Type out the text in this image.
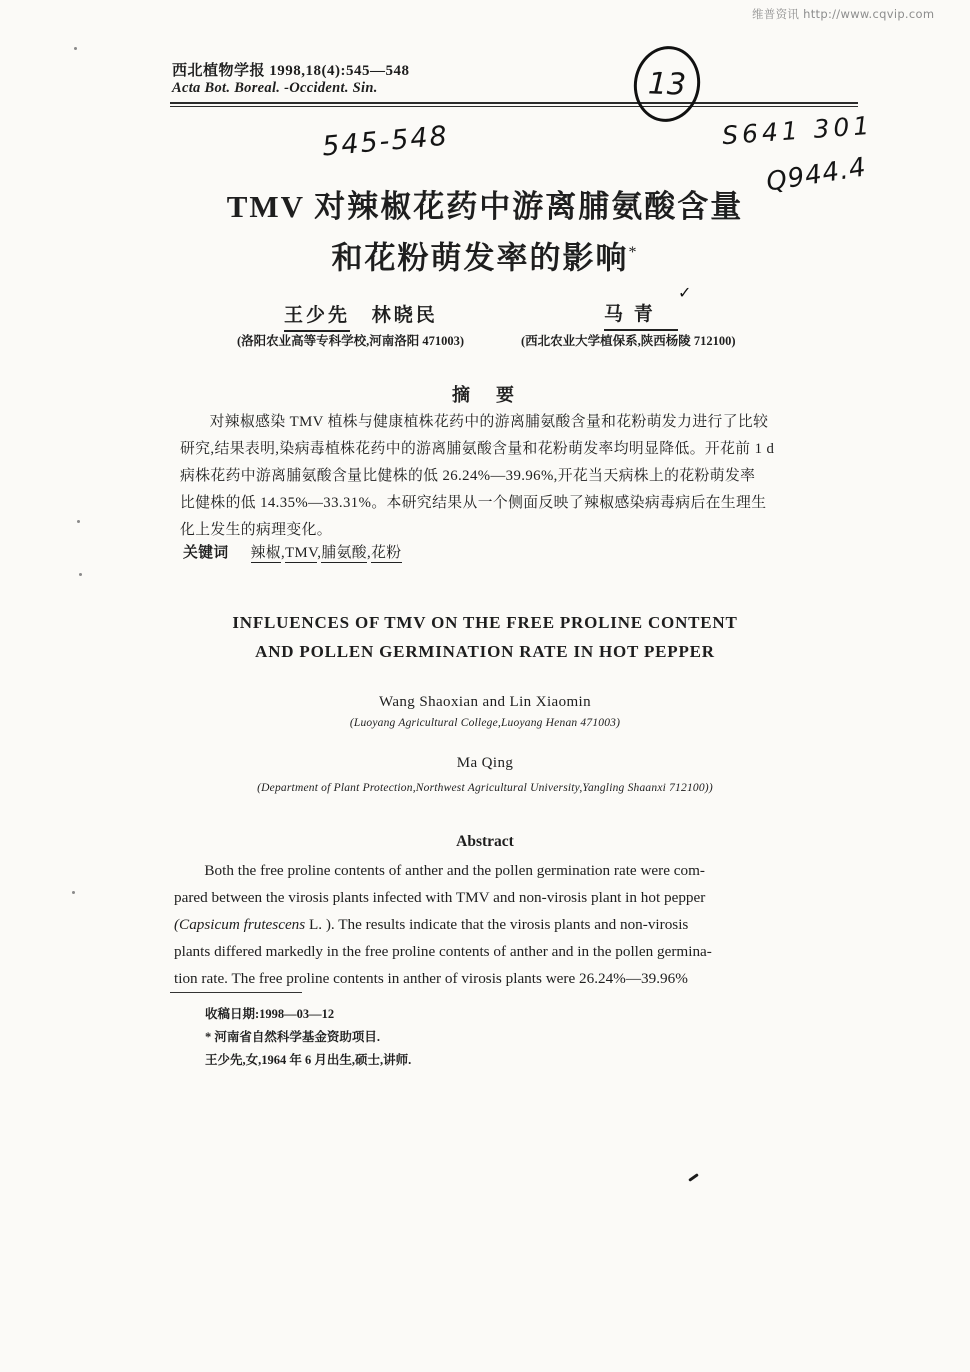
维普资讯 http://www.cqvip.com
西北植物学报 1998,18(4):545—548
Acta Bot. Boreal. -Occident. Sin.	13
S641 301
545-548
Q944.4
TMV 对辣椒花药中游离脯氨酸含量
和花粉萌发率的影响*
王少先 林晓民
✓
马 青
(洛阳农业高等专科学校,河南洛阳 471003)	(西北农业大学植保系,陕西杨陵 712100)
摘　要
对辣椒感染 TMV 植株与健康植株花药中的游离脯氨酸含量和花粉萌发力进行了比较
研究,结果表明,染病毒植株花药中的游离脯氨酸含量和花粉萌发率均明显降低。开花前 1 d
病株花药中游离脯氨酸含量比健株的低 26.24%—39.96%,开花当天病株上的花粉萌发率
比健株的低 14.35%—33.31%。本研究结果从一个侧面反映了辣椒感染病毒病后在生理生
化上发生的病理变化。
关键词 辣椒,TMV,脯氨酸,花粉
INFLUENCES OF TMV ON THE FREE PROLINE CONTENT
AND POLLEN GERMINATION RATE IN HOT PEPPER
Wang Shaoxian and Lin Xiaomin
(Luoyang Agricultural College,Luoyang Henan 471003)
Ma Qing
(Department of Plant Protection,Northwest Agricultural University,Yangling Shaanxi 712100))
Abstract
Both the free proline contents of anther and the pollen germination rate were com-
pared between the virosis plants infected with TMV and non-virosis plant in hot pepper
(Capsicum frutescens L. ). The results indicate that the virosis plants and non-virosis
plants differed markedly in the free proline contents of anther and in the pollen germina-
tion rate. The free proline contents in anther of virosis plants were 26.24%—39.96%
收稿日期:1998—03—12
* 河南省自然科学基金资助项目.
王少先,女,1964 年 6 月出生,硕士,讲师.
